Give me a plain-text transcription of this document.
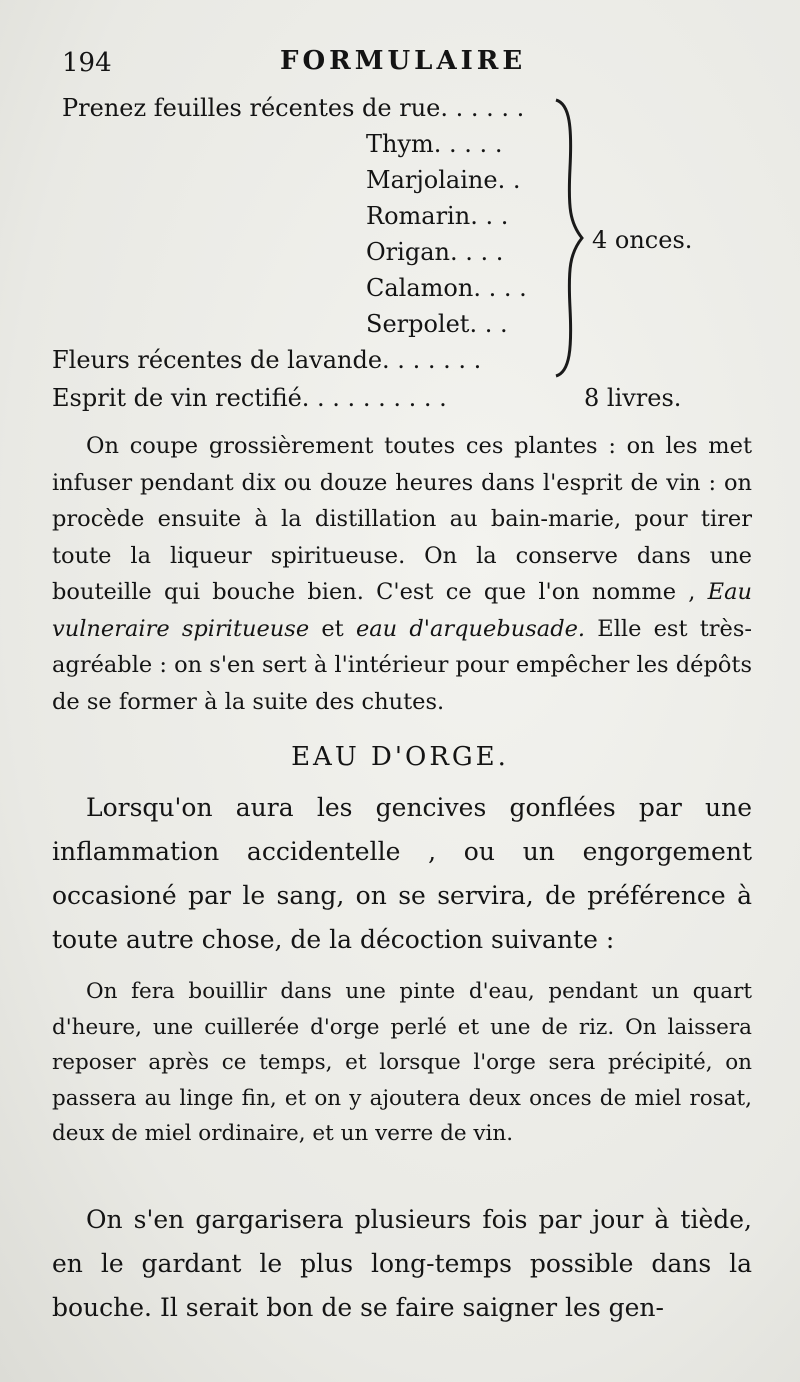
194	FORMULAIRE
Prenez feuilles récentes de rue. . . . . .
Thym. . . . .
Marjolaine. .
Romarin. . .
Origan. . . .
Calamon. . . .
Serpolet. . .
Fleurs récentes de lavande. . . . . . .
Esprit de vin rectifié. . . . . . . . . .
4 onces.
8 livres.
On coupe grossièrement toutes ces plantes : on les met infuser pendant dix ou douze heures dans l'esprit de vin : on procède ensuite à la distillation au bain-marie, pour tirer toute la liqueur spiritueuse. On la conserve dans une bouteille qui bouche bien. C'est ce que l'on nomme , Eau vulneraire spiritueuse et eau d'arquebusade. Elle est très-agréable : on s'en sert à l'intérieur pour empêcher les dépôts de se former à la suite des chutes.
EAU D'ORGE.
Lorsqu'on aura les gencives gonflées par une inflammation accidentelle , ou un engorgement occasioné par le sang, on se servira, de préférence à toute autre chose, de la décoction suivante :
On fera bouillir dans une pinte d'eau, pendant un quart d'heure, une cuillerée d'orge perlé et une de riz. On laissera reposer après ce temps, et lorsque l'orge sera précipité, on passera au linge fin, et on y ajoutera deux onces de miel rosat, deux de miel ordinaire, et un verre de vin.
On s'en gargarisera plusieurs fois par jour à tiède, en le gardant le plus long-temps possible dans la bouche. Il serait bon de se faire saigner les gen-
